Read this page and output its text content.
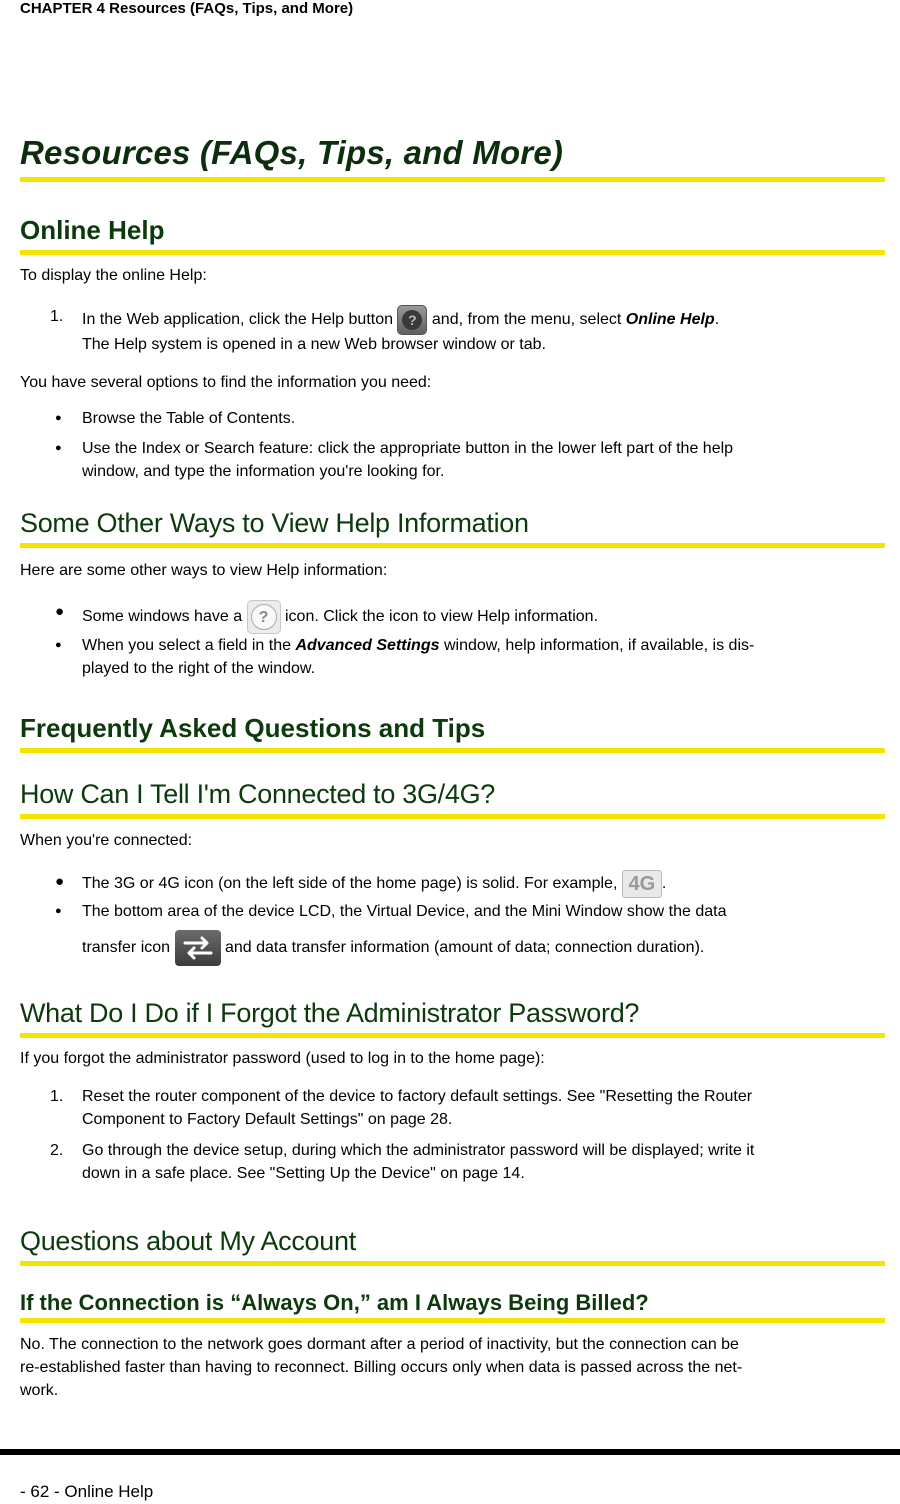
CHAPTER 4 Resources (FAQs, Tips, and More)
Resources (FAQs, Tips, and More)
Online Help
To display the online Help:
1. In the Web application, click the Help button	? and, from the menu, select Online Help.
The Help system is opened in a new Web browser window or tab.
You have several options to find the information you need:
● Browse the Table of Contents.
● Use the Index or Search feature: click the appropriate button in the lower left part of the help
window, and type the information you're looking for.
Some Other Ways to View Help Information
Here are some other ways to view Help information:
● Some windows have a	?	icon. Click the icon to view Help information.
● When you select a field in the Advanced Settings window, help information, if available, is dis-
played to the right of the window.
Frequently Asked Questions and Tips
How Can I Tell I'm Connected to 3G/4G?
When you're connected:
● The 3G or 4G icon (on the left side of the home page) is solid. For example, 4G .
● The bottom area of the device LCD, the Virtual Device, and the Mini Window show the data
transfer icon	and data transfer information (amount of data; connection duration).
What Do I Do if I Forgot the Administrator Password?
If you forgot the administrator password (used to log in to the home page):
1. Reset the router component of the device to factory default settings. See "Resetting the Router
Component to Factory Default Settings" on page 28.
2. Go through the device setup, during which the administrator password will be displayed; write it
down in a safe place. See "Setting Up the Device" on page 14.
Questions about My Account
If the Connection is “Always On,” am I Always Being Billed?
No. The connection to the network goes dormant after a period of inactivity, but the connection can be
re-established faster than having to reconnect. Billing occurs only when data is passed across the net-
work.
- 62 - Online Help
